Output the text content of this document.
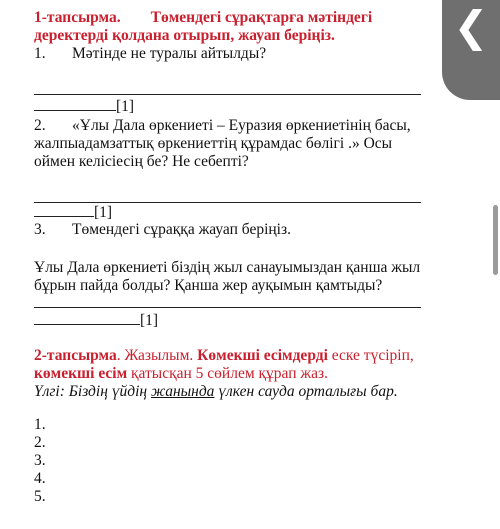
1-тапсырма. Төмендегі сұрақтарға мәтіндегі
деректерді қолдана отырып, жауап беріңіз.
1. Мәтінде не туралы айтылды?
[1]
2. «Ұлы Дала өркениеті – Еуразия өркениетінің басы,
жалпыадамзаттық өркениеттің құрамдас бөлігі .» Осы
оймен келісіесің бе? Не себепті?
[1]
3. Төмендегі сұраққа жауап беріңіз.
Ұлы Дала өркениеті біздің жыл санауымыздан қанша жыл
бұрын пайда болды? Қанша жер ауқымын қамтыды?
[1]
2-тапсырма. Жазылым. Көмекші есімдерді еске түсіріп,
көмекші есім қатысқан 5 сөйлем құрап жаз.
Үлгі: Біздің үйдің жанында үлкен сауда орталығы бар.
1.
2.
3.
4.
5.
❮
